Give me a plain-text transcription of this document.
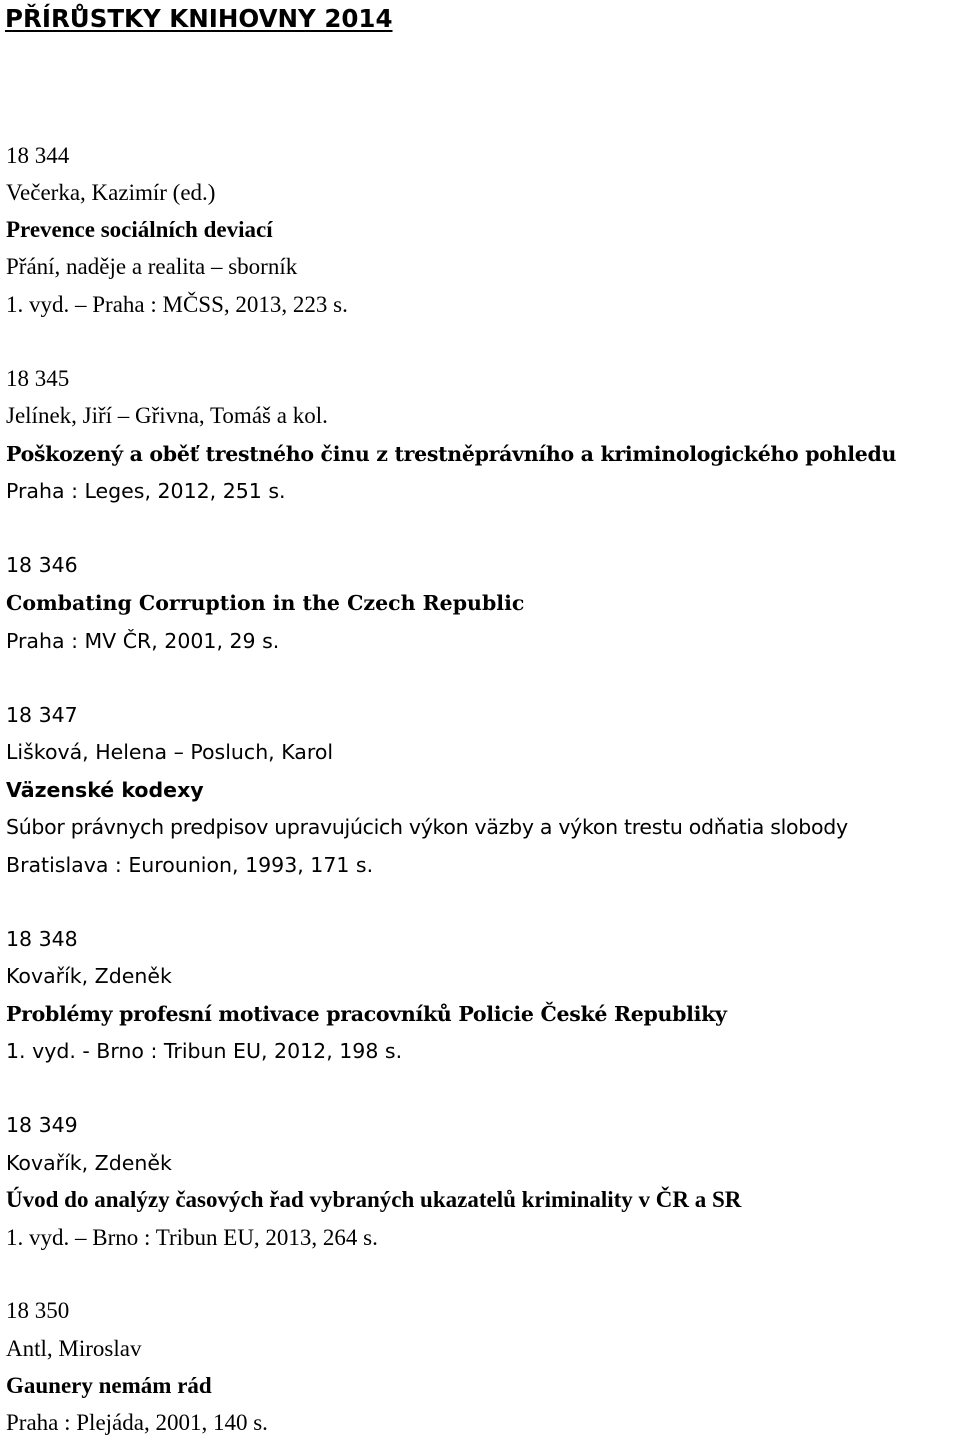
PŘÍRŮSTKY KNIHOVNY 2014

18 344

Večerka, Kazimír (ed.)

Prevence sociálních deviací

Přání, naděje a realita – sborník

1. vyd. – Praha : MČSS, 2013, 223 s.

18 345

Jelínek, Jiří – Gřivna, Tomáš a kol.

Poškozený a oběť trestného činu z trestněprávního a kriminologického pohledu

Praha : Leges, 2012, 251 s.

18 346

Combating Corruption in the Czech Republic

Praha : MV ČR, 2001, 29 s.

18 347

Lišková, Helena – Posluch, Karol

Väzenské kodexy

Súbor právnych predpisov upravujúcich výkon väzby a výkon trestu odňatia slobody

Bratislava : Eurounion, 1993, 171 s.

18 348

Kovařík, Zdeněk

Problémy profesní motivace pracovníků Policie České Republiky

1. vyd. - Brno : Tribun EU, 2012, 198 s.

18 349

Kovařík, Zdeněk

Úvod do analýzy časových řad vybraných ukazatelů kriminality v ČR a SR

1. vyd. – Brno : Tribun EU, 2013, 264 s.

18 350

Antl, Miroslav

Gaunery nemám rád

Praha : Plejáda, 2001, 140 s.
